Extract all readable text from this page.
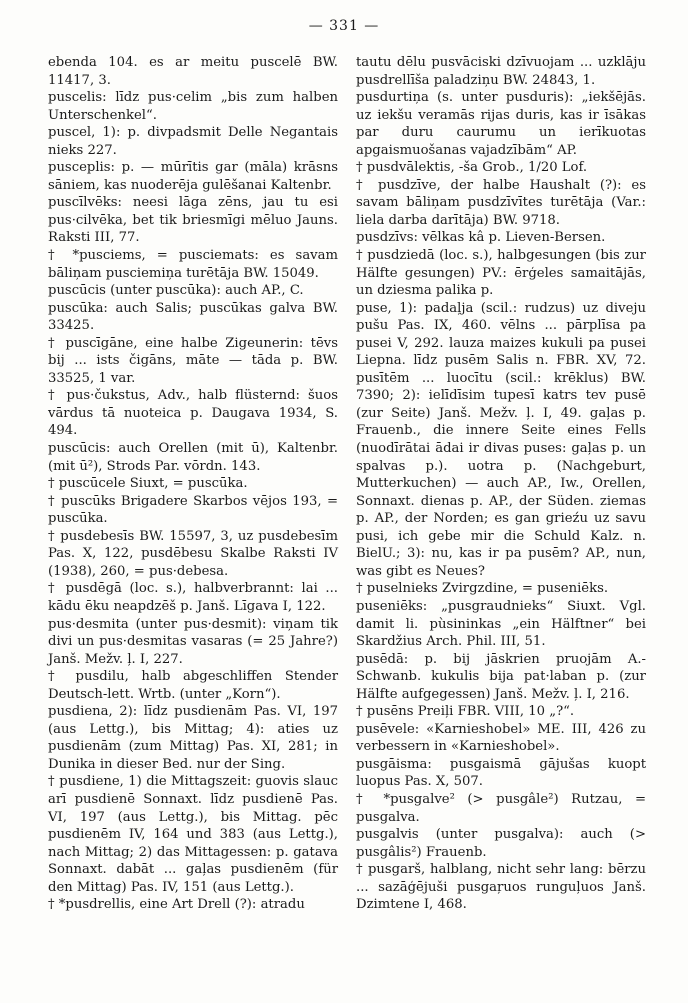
— 331 —

ebenda 104. es ar meitu puscelē BW. 11417, 3.

puscelis: līdz pus·celim „bis zum halben Unterschenkel“.

puscel, 1): p. divpadsmit Delle Negantais nieks 227.

pusceplis: p. — mūrītis gar (māla) krāsns sāniem, kas nuoderēja gulēšanai Kaltenbr.

puscīlvēks: neesi lāga zēns, jau tu esi pus·cilvēka, bet tik briesmīgi mēluo Jauns. Raksti III, 77.

† *pusciems, = pusciemats: es savam bāliņam pusciemiņa turētāja BW. 15049.

puscūcis (unter puscūka): auch AP., C.

puscūka: auch Salis; puscūkas galva BW. 33425.

† puscīgāne, eine halbe Zigeunerin: tēvs bij ... ists čigāns, māte — tāda p. BW. 33525, 1 var.

† pus·čukstus, Adv., halb flüsternd: šuos vārdus tā nuoteica p. Daugava 1934, S. 494.

puscūcis: auch Orellen (mit ū), Kaltenbr. (mit ū²), Strods Par. vōrdn. 143.

† puscūcele Siuxt, = puscūka.

† puscūks Brigadere Skarbos vējos 193, = puscūka.

† pusdebesīs BW. 15597, 3, uz pusdebesīm Pas. X, 122, pusdēbesu Skalbe Raksti IV (1938), 260, = pus·debesa.

† pusdēgā (loc. s.), halbverbrannt: lai ... kādu ēku neapdzēš p. Janš. Līgava I, 122.

pus·desmita (unter pus·desmit): viņam tik divi un pus·desmitas vasaras (= 25 Jahre?) Janš. Mežv. ļ. I, 227.

† pusdilu, halb abgeschliffen Stender Deutsch-lett. Wrtb. (unter „Korn“).

pusdiena, 2): līdz pusdienām Pas. VI, 197 (aus Lettg.), bis Mittag; 4): aties uz pusdienām (zum Mittag) Pas. XI, 281; in Dunika in dieser Bed. nur der Sing.

† pusdiene, 1) die Mittagszeit: guovis slauc arī pusdienē Sonnaxt. līdz pusdienē Pas. VI, 197 (aus Lettg.), bis Mittag. pēc pusdienēm IV, 164 und 383 (aus Lettg.), nach Mittag; 2) das Mittagessen: p. gatava Sonnaxt. dabāt ... gaļas pusdienēm (für den Mittag) Pas. IV, 151 (aus Lettg.).

† *pusdrellis, eine Art Drell (?): atradu

tautu dēlu pusvāciski dzīvuojam ... uzklāju pusdrellīša paladziņu BW. 24843, 1.

pusdurtiņa (s. unter pusduris): „iekšējās. uz iekšu veramās rijas duris, kas ir īsākas par duru caurumu un ierīkuotas apgaismuošanas vajadzībām“ AP.

† pusdvālektis, -ša Grob., 1/20 Lof.

† pusdzīve, der halbe Haushalt (?): es savam bāliņam pusdzīvītes turētāja (Var.: liela darba darītāja) BW. 9718.

pusdzīvs: vēlkas kâ p. Lieven-Bersen.

† pusdziedā (loc. s.), halbgesungen (bis zur Hälfte gesungen) PV.: ērģeles samaitājās, un dziesma palika p.

puse, 1): padaļja (scil.: rudzus) uz diveju pušu Pas. IX, 460. vēlns ... pārplīsa pa pusei V, 292. lauza maizes kukuli pa pusei Liepna. līdz pusēm Salis n. FBR. XV, 72. pusītēm ... luocītu (scil.: krēklus) BW. 7390; 2): ielīdīsim tupesī katrs tev pusē (zur Seite) Janš. Mežv. ļ. I, 49. gaļas p. Frauenb., die innere Seite eines Fells (nuodīrātai ādai ir divas puses: gaļas p. un spalvas p.). uotra p. (Nachgeburt, Mutterkuchen) — auch AP., Iw., Orellen, Sonnaxt. dienas p. AP., der Süden. ziemas p. AP., der Norden; es gan grieźu uz savu pusi, ich gebe mir die Schuld Kalz. n. BielU.; 3): nu, kas ir pa pusēm? AP., nun, was gibt es Neues?

† puselnieks Zvirgzdine, = puseniēks.

puseniēks: „pusgraudnieks“ Siuxt. Vgl. damit li. pùsininkas „ein Hälftner“ bei Skardžius Arch. Phil. III, 51.

pusēdā: p. bij jāskrien pruojām A.-Schwanb. kukulis bija pat·laban p. (zur Hälfte aufgegessen) Janš. Mežv. ļ. I, 216.

† pusēns Preiļi FBR. VIII, 10 „?“.

pusēvele: «Karnieshobel» ME. III, 426 zu verbessern in «Karnieshobel».

pusgāisma: pusgaismā gājušas kuopt luopus Pas. X, 507.

† *pusgalve² (> pusgâle²) Rutzau, = pusgalva.

pusgalvis (unter pusgalva): auch (> pusgâlis²) Frauenb.

† pusgarš, halblang, nicht sehr lang: bērzu ... sazāģējuši pusgaŗuos runguļuos Janš. Dzimtene I, 468.
